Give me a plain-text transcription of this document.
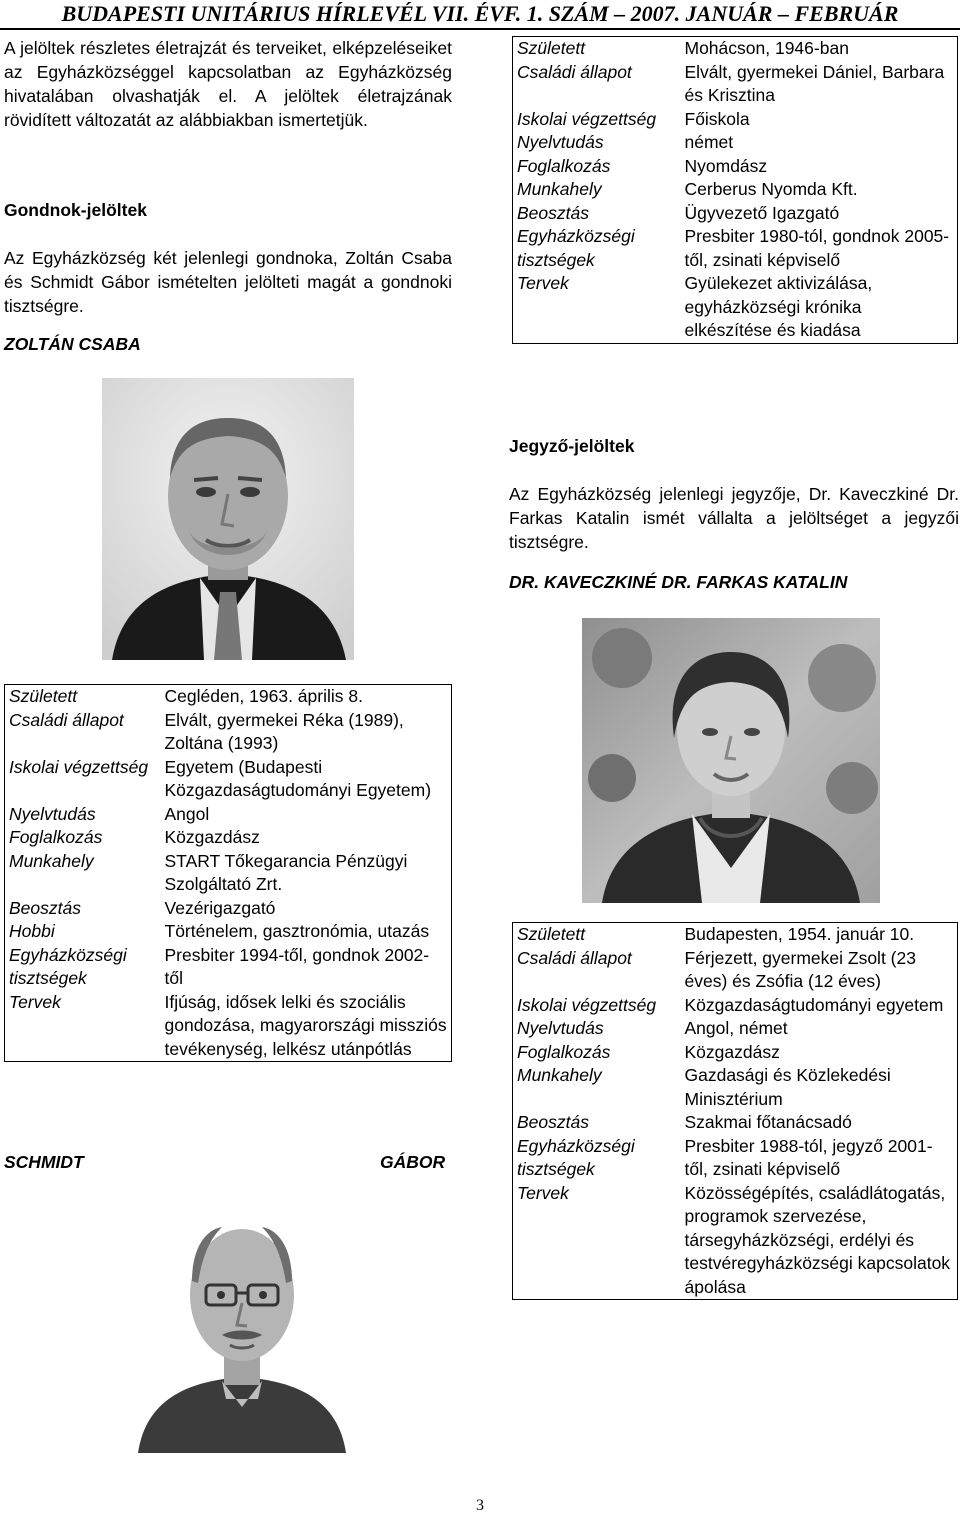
BUDAPESTI UNITÁRIUS HÍRLEVÉL VII. ÉVF. 1. SZÁM – 2007. JANUÁR – FEBRUÁR
A jelöltek részletes életrajzát és terveiket, elképzeléseiket az Egyházközséggel kapcsolatban az Egyházközség hivatalában olvashatják el. A jelöltek életrajzának rövidített változatát az alábbiakban ismertetjük.
Gondnok-jelöltek
Az Egyházközség két jelenlegi gondnoka, Zoltán Csaba és Schmidt Gábor ismételten jelölteti magát a gondnoki tisztségre.
ZOLTÁN CSABA
Született	Mohácson, 1946-ban
Családi állapot	Elvált, gyermekei Dániel, Barbara és Krisztina
Iskolai végzettség	Főiskola
Nyelvtudás	német
Foglalkozás	Nyomdász
Munkahely	Cerberus Nyomda Kft.
Beosztás	Ügyvezető Igazgató
Egyházközségi tisztségek	Presbiter 1980-tól, gondnok 2005-től, zsinati képviselő
Tervek	Gyülekezet aktivizálása, egyházközségi krónika elkészítése és kiadása
Jegyző-jelöltek
Az Egyházközség jelenlegi jegyzője, Dr. Kaveczkiné Dr. Farkas Katalin ismét vállalta a jelöltséget a jegyzői tisztségre.
DR. KAVECZKINÉ DR. FARKAS KATALIN
Született	Cegléden, 1963. április 8.
Családi állapot	Elvált, gyermekei Réka (1989), Zoltána (1993)
Iskolai végzettség	Egyetem (Budapesti Közgazdaságtudományi Egyetem)
Nyelvtudás	Angol
Foglalkozás	Közgazdász
Munkahely	START Tőkegarancia Pénzügyi Szolgáltató Zrt.
Beosztás	Vezérigazgató
Hobbi	Történelem, gasztronómia, utazás
Egyházközségi tisztségek	Presbiter 1994-től, gondnok 2002-től
Tervek	Ifjúság, idősek lelki és szociális gondozása, magyarországi missziós tevékenység, lelkész utánpótlás
SCHMIDT	GÁBOR
Született	Budapesten, 1954. január 10.
Családi állapot	Férjezett, gyermekei Zsolt (23 éves) és Zsófia (12 éves)
Iskolai végzettség	Közgazdaságtudományi egyetem
Nyelvtudás	Angol, német
Foglalkozás	Közgazdász
Munkahely	Gazdasági és Közlekedési Minisztérium
Beosztás	Szakmai főtanácsadó
Egyházközségi tisztségek	Presbiter 1988-tól, jegyző 2001-től, zsinati képviselő
Tervek	Közösségépítés, családlátogatás, programok szervezése, társegyházközségi, erdélyi és testvéregyházközségi kapcsolatok ápolása
3
